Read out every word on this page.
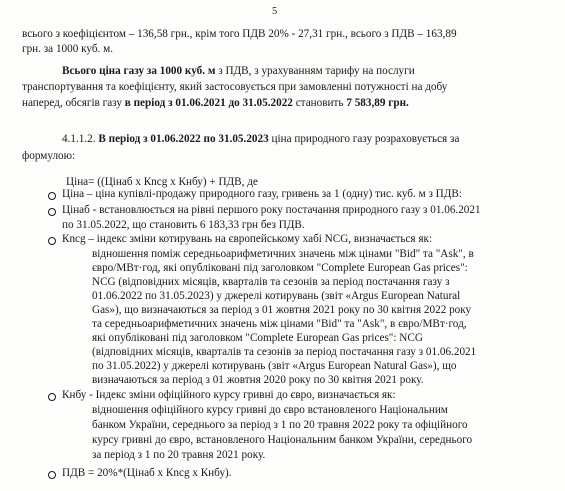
5
всього з коефіцієнтом – 136,58 грн., крім того ПДВ 20% - 27,31 грн., всього з ПДВ – 163,89
грн. за 1000 куб. м.
Всього ціна газу за 1000 куб. м з ПДВ, з урахуванням тарифу на послуги
транспортування та коефіцієнту, який застосовується при замовленні потужності на добу
наперед, обсягів газу в період з 01.06.2021 до 31.05.2022 становить 7 583,89 грн.
4.1.1.2. В період з 01.06.2022 по 31.05.2023 ціна природного газу розраховується за
формулою:
Ціна= ((Цінаб х Кncg х Кнбу) + ПДВ, де
Ціна – ціна купівлі-продажу природного газу, гривень за 1 (одну) тис. куб. м з ПДВ:
Цінаб - встановлюється на рівні першого року постачання природного газу з 01.06.2021
по 31.05.2022, що становить 6 183,33 грн без ПДВ.
Кncg – індекс зміни котирувань на європейському хабі NCG, визначається як:
відношення поміж середньоарифметичних значень між цінами "Bid" та "Ask", в
євро/МВт·год, які опубліковані під заголовком "Complete European Gas prices":
NCG (відповідних місяців, кварталів та сезонів за період постачання газу з
01.06.2022 по 31.05.2023) у джерелі котирувань (звіт «Argus European Natural
Gas»), що визначаються за період з 01 жовтня 2021 року по 30 квітня 2022 року
та середньоарифметичних значень між цінами "Bid" та "Ask", в євро/МВт·год,
які опубліковані під заголовком "Complete European Gas prices": NCG
(відповідних місяців, кварталів та сезонів за період постачання газу з 01.06.2021
по 31.05.2022) у джерелі котирувань (звіт «Argus European Natural Gas»), що
визначаються за період з 01 жовтня 2020 року по 30 квітня 2021 року.
Кнбу - Індекс зміни офіційного курсу гривні до євро, визначається як:
відношення офіційного курсу гривні до євро встановленого Національним
банком України, середнього за період з 1 по 20 травня 2022 року та офіційного
курсу гривні до євро, встановленого Національним банком України, середнього
за період з 1 по 20 травня 2021 року.
ПДВ = 20%*(Цінаб х Кncg х Кнбу).
